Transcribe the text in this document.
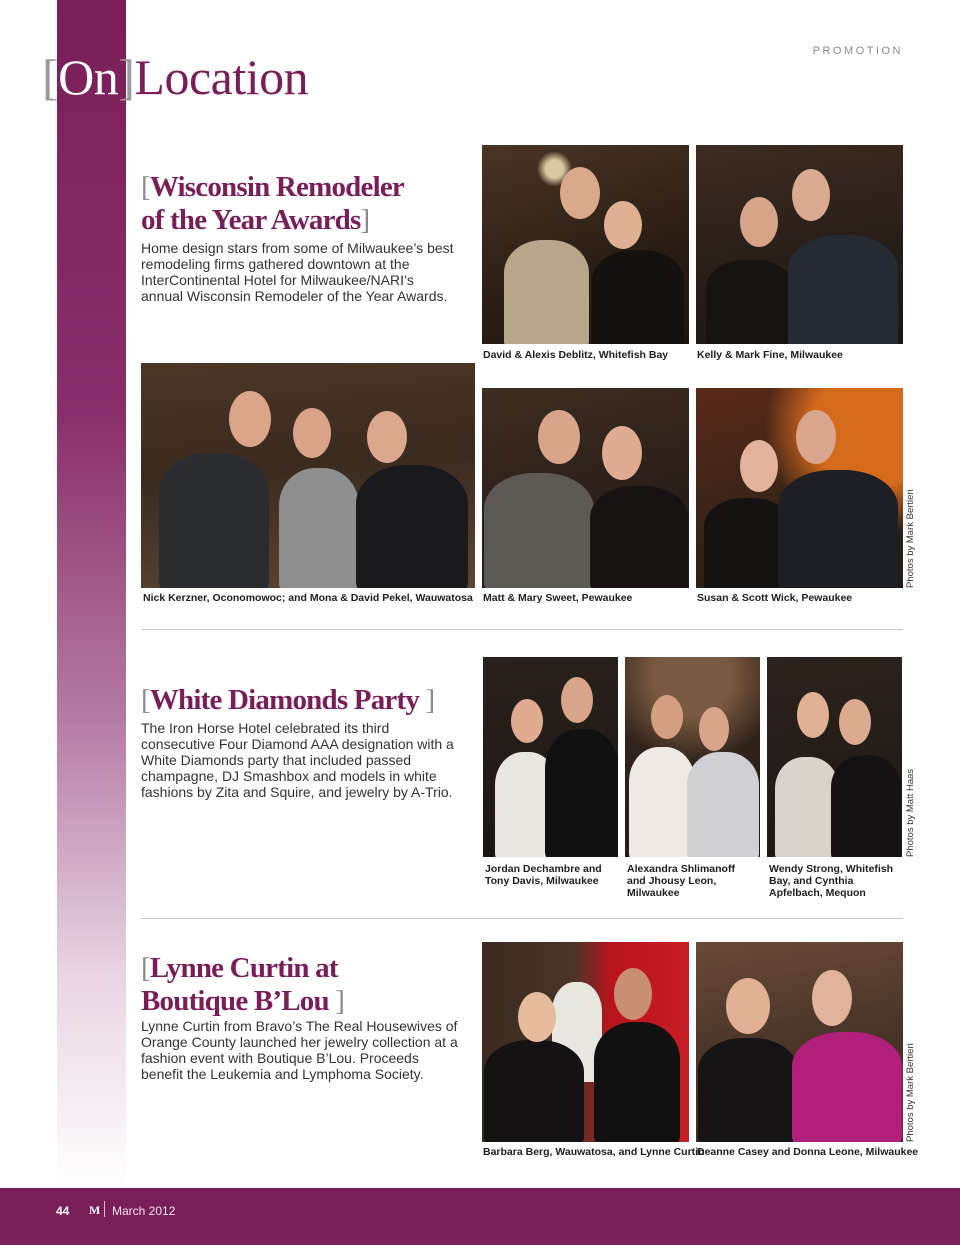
[On]Location	PROMOTION
[Wisconsin Remodeler
of the Year Awards]

Home design stars from some of Milwaukee’s best remodeling firms gathered downtown at the InterContinental Hotel for Milwaukee/NARI’s annual Wisconsin Remodeler of the Year Awards.

David & Alexis Deblitz, Whitefish Bay	Kelly & Mark Fine, Milwaukee

Nick Kerzner, Oconomowoc; and Mona & David Pekel, Wauwatosa Matt & Mary Sweet, Pewaukee	Susan & Scott Wick, Pewaukee

Photos by Mark Bertieri
[White Diamonds Party ]

The Iron Horse Hotel celebrated its third consecutive Four Diamond AAA designation with a White Diamonds party that included passed champagne, DJ Smashbox and models in white fashions by Zita and Squire, and jewelry by A-Trio.

Jordan Dechambre and Tony Davis, Milwaukee

Alexandra Shlimanoff and Jhousy Leon, Milwaukee

Wendy Strong, Whitefish Bay, and Cynthia Apfelbach, Mequon

Photos by Matt Haas
[Lynne Curtin at
Boutique B’Lou ]

Lynne Curtin from Bravo’s The Real Housewives of Orange County launched her jewelry collection at a fashion event with Boutique B’Lou. Proceeds benefit the Leukemia and Lymphoma Society.

Barbara Berg, Wauwatosa, and Lynne Curtin

Deanne Casey and Donna Leone, Milwaukee

Photos by Mark Bertieri
44 M March 2012
